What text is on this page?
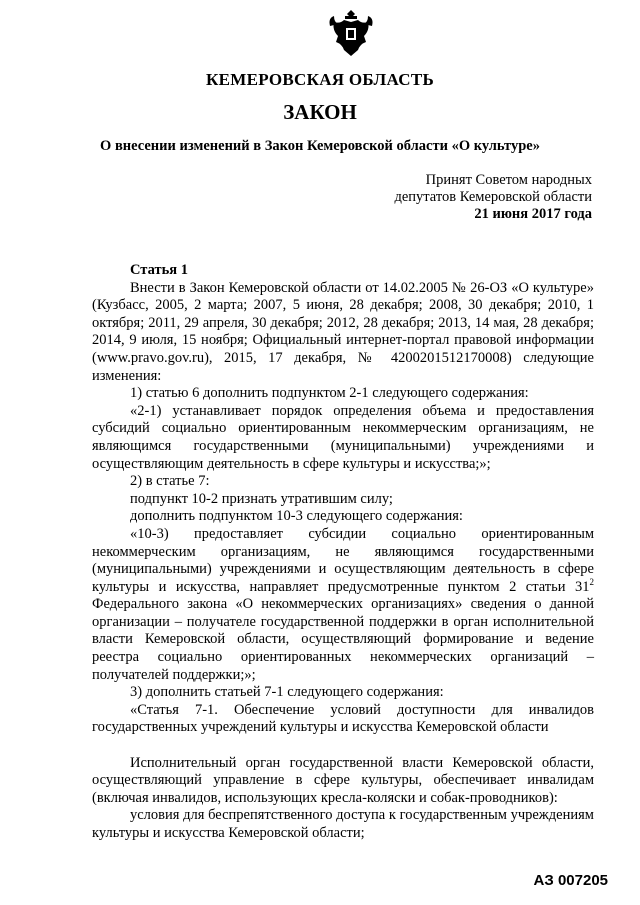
КЕМЕРОВСКАЯ ОБЛАСТЬ
ЗАКОН
О внесении изменений в Закон Кемеровской области «О культуре»
Принят Советом народных
депутатов Кемеровской области
21 июня 2017 года

Статья 1

Внести в Закон Кемеровской области от 14.02.2005 № 26-ОЗ «О культуре» (Кузбасс, 2005, 2 марта; 2007, 5 июня, 28 декабря; 2008, 30 декабря; 2010, 1 октября; 2011, 29 апреля, 30 декабря; 2012, 28 декабря; 2013, 14 мая, 28 декабря; 2014, 9 июля, 15 ноября; Официальный интернет-портал правовой информации (www.pravo.gov.ru), 2015, 17 декабря, № 4200201512170008) следующие изменения:

1) статью 6 дополнить подпунктом 2-1 следующего содержания:

«2-1) устанавливает порядок определения объема и предоставления субсидий социально ориентированным некоммерческим организациям, не являющимся государственными (муниципальными) учреждениями и осуществляющим деятельность в сфере культуры и искусства;»;

2) в статье 7:

подпункт 10-2 признать утратившим силу;

дополнить подпунктом 10-3 следующего содержания:

«10-3) предоставляет субсидии социально ориентированным некоммерческим организациям, не являющимся государственными (муниципальными) учреждениями и осуществляющим деятельность в сфере культуры и искусства, направляет предусмотренные пунктом 2 статьи $31^2$ Федерального закона «О некоммерческих организациях» сведения о данной организации – получателе государственной поддержки в орган исполнительной власти Кемеровской области, осуществляющий формирование и ведение реестра социально ориентированных некоммерческих организаций – получателей поддержки;»;

3) дополнить статьей 7-1 следующего содержания:

«Статья 7-1. Обеспечение условий доступности для инвалидов государственных учреждений культуры и искусства Кемеровской области

Исполнительный орган государственной власти Кемеровской области, осуществляющий управление в сфере культуры, обеспечивает инвалидам (включая инвалидов, использующих кресла-коляски и собак-проводников):

условия для беспрепятственного доступа к государственным учреждениям культуры и искусства Кемеровской области;

АЗ 007205
